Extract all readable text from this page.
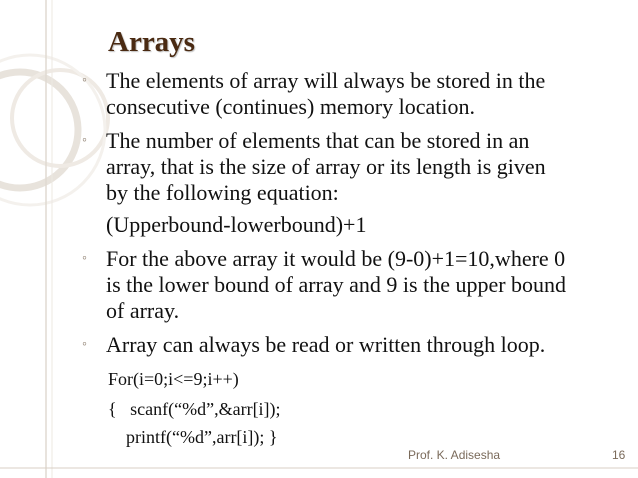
Arrays
◦ The elements of array will always be stored in the
consecutive (continues) memory location.
◦ The number of elements that can be stored in an
array, that is the size of array or its length is given
by the following equation:
(Upperbound-lowerbound)+1
◦ For the above array it would be (9-0)+1=10,where 0
is the lower bound of array and 9 is the upper bound
of array.
◦ Array can always be read or written through loop.
For(i=0;i<=9;i++)
{   scanf(“%d”,&arr[i]);
printf(“%d”,arr[i]); }
Prof. K. Adisesha	16
